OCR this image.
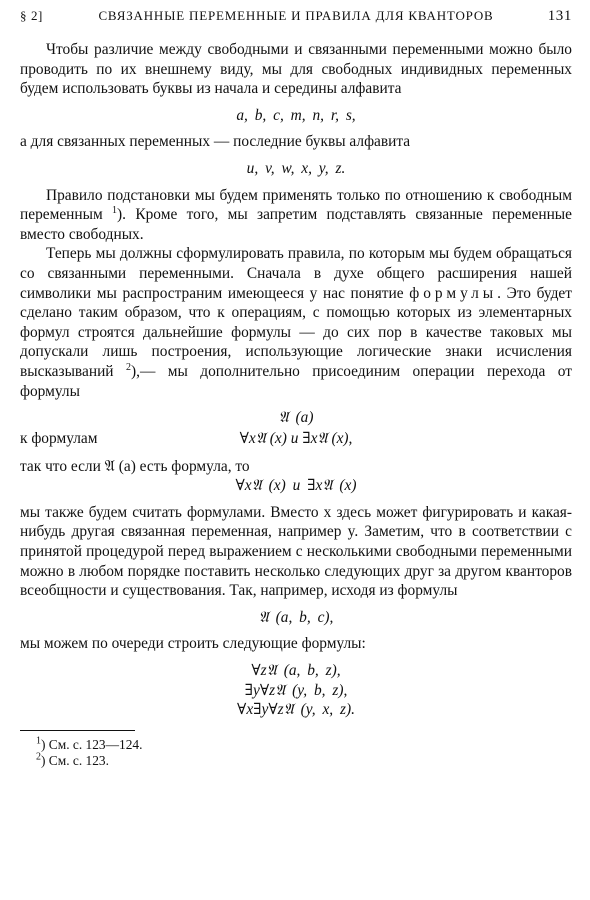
§ 2]	СВЯЗАННЫЕ ПЕРЕМЕННЫЕ И ПРАВИЛА ДЛЯ КВАНТОРОВ	131

Чтобы различие между свободными и связанными переменными можно было проводить по их внешнему виду, мы для свободных индивидных переменных будем использовать буквы из начала и середины алфавита

a, b, c, m, n, r, s,

а для связанных переменных — последние буквы алфавита

u, v, w, x, y, z.

Правило подстановки мы будем применять только по отношению к свободным переменным $^1$). Кроме того, мы запретим подставлять связанные переменные вместо свободных.

Теперь мы должны сформулировать правила, по которым мы будем обращаться со связанными переменными. Сначала в духе общего расширения нашей символики мы распространим имеющееся у нас понятие формулы. Это будет сделано таким образом, что к операциям, с помощью которых из элементарных формул строятся дальнейшие формулы — до сих пор в качестве таковых мы допускали лишь построения, использующие логические знаки исчисления высказываний $^2$),— мы дополнительно присоединим операции перехода от формулы

𝔄 (a)
к формулам	∀x𝔄 (x) и ∃x𝔄 (x),

так что если 𝔄 (a) есть формула, то

∀x𝔄 (x) и ∃x𝔄 (x)

мы также будем считать формулами. Вместо x здесь может фигурировать и какая-нибудь другая связанная переменная, например y. Заметим, что в соответствии с принятой процедурой перед выражением с несколькими свободными переменными можно в любом порядке поставить несколько следующих друг за другом кванторов всеобщности и существования. Так, например, исходя из формулы

𝔄 (a, b, c),

мы можем по очереди строить следующие формулы:

∀z𝔄 (a, b, z),
∃y∀z𝔄 (y, b, z),
∀x∃y∀z𝔄 (y, x, z).
$^1$) См. с. 123—124.
$^2$) См. с. 123.
